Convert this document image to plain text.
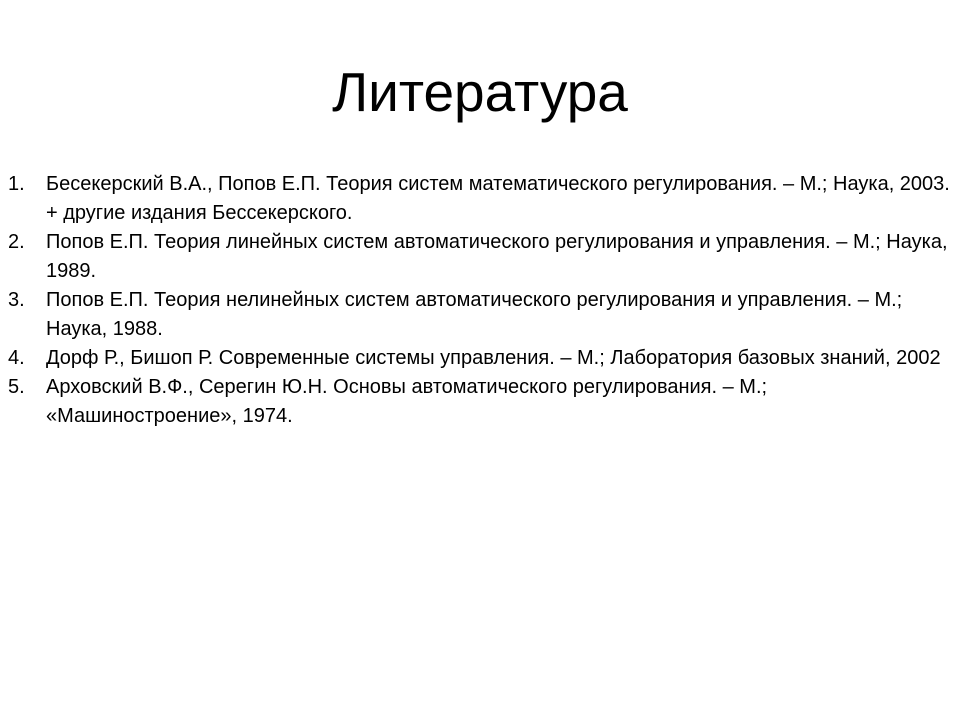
Литература
1. Бесекерский В.А., Попов Е.П. Теория систем математического регулирования. – М.; Наука, 2003. + другие издания Бессекерского.
2. Попов Е.П. Теория линейных систем автоматического регулирования и управления. – М.; Наука, 1989.
3. Попов Е.П. Теория нелинейных систем автоматического регулирования и управления. – М.; Наука, 1988.
4. Дорф Р., Бишоп Р. Современные системы управления. – М.; Лаборатория базовых знаний, 2002
5. Арховский В.Ф., Серегин Ю.Н. Основы автоматического регулирования. – М.; «Машиностроение», 1974.
